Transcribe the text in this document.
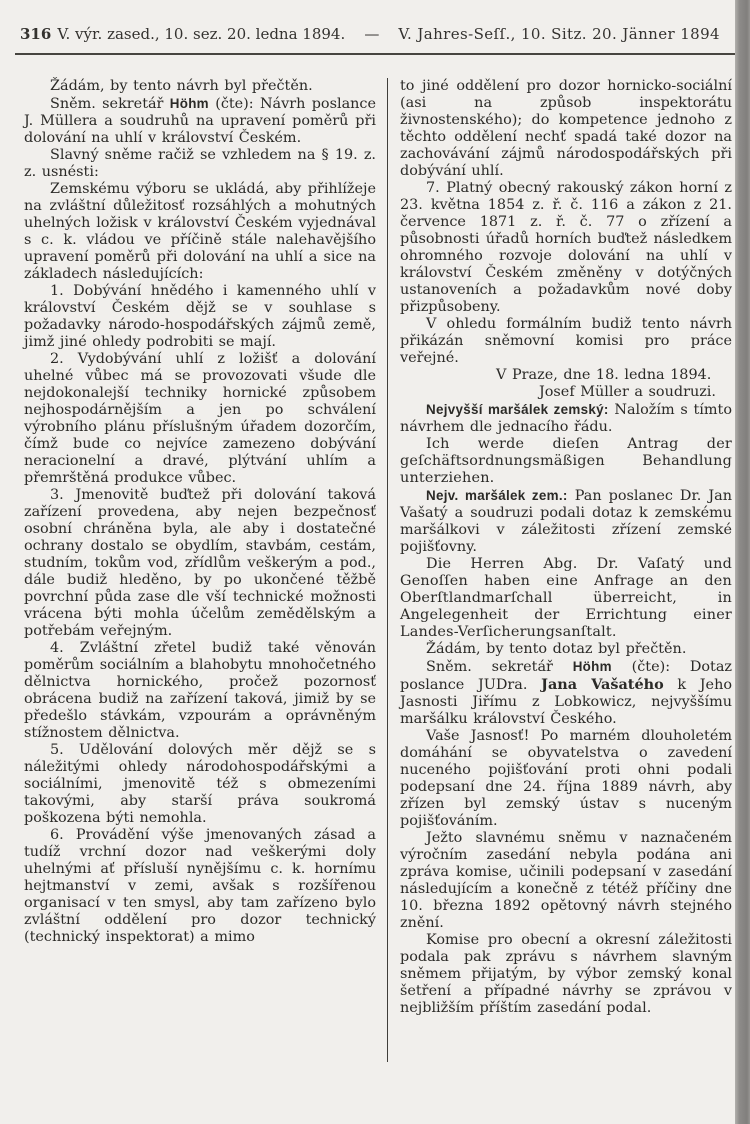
316 V. výr. zased., 10. sez. 20. ledna 1894. — V. Jahres-Seſſ., 10. Sitz. 20. Jänner 1894

Žádám, by tento návrh byl přečtěn.

Sněm. sekretář Höhm (čte): Návrh poslance J. Müllera a soudruhů na upravení poměrů při dolování na uhlí v království Českém.

Slavný sněme račiž se vzhledem na § 19. z. z. usnésti:

Zemskému výboru se ukládá, aby přihlížeje na zvláštní důležitosť rozsáhlých a mohutných uhelných ložisk v království Českém vyjednával s c. k. vládou ve příčině stále nalehavějšího upravení poměrů při dolování na uhlí a sice na základech následujících:

1. Dobývání hnědého i kamenného uhlí v království Českém dějž se v souhlase s požadavky národo-hospodářských zájmů země, jimž jiné ohledy podrobiti se mají.

2. Vydobývání uhlí z ložišť a dolování uhelné vůbec má se provozovati všude dle nejdokonalejší techniky hornické způsobem nejhospodárnějším a jen po schválení výrobního plánu příslušným úřadem dozorčím, čímž bude co nejvíce zamezeno dobývání neracionelní a dravé, plýtvání uhlím a přemrštěná produkce vůbec.

3. Jmenovitě buďtež při dolování taková zařízení provedena, aby nejen bezpečnosť osobní chráněna byla, ale aby i dostatečné ochrany dostalo se obydlím, stavbám, cestám, studním, tokům vod, zřídlům veškerým a pod., dále budiž hleděno, by po ukončené těžbě povrchní půda zase dle vší technické možnosti vrácena býti mohla účelům zemědělským a potřebám veřejným.

4. Zvláštní zřetel budiž také věnován poměrům sociálním a blahobytu mnohočetného dělnictva hornického, pročež pozornosť obrácena budiž na zařízení taková, jimiž by se předešlo stávkám, vzpourám a oprávněným stížnostem dělnictva.

5. Udělování dolových měr dějž se s náležitými ohledy národohospodářskými a sociálními, jmenovitě též s obmezeními takovými, aby starší práva soukromá poškozena býti nemohla.

6. Provádění výše jmenovaných zásad a tudíž vrchní dozor nad veškerými doly uhelnými ať přísluší nynějšímu c. k. hornímu hejtmanství v zemi, avšak s rozšířenou organisací v ten smysl, aby tam zařízeno bylo zvláštní oddělení pro dozor technický (technický inspektorat) a mimo

to jiné oddělení pro dozor hornicko-sociální (asi na způsob inspektorátu živnostenského); do kompetence jednoho z těchto oddělení nechť spadá také dozor na zachovávání zájmů národospodářských při dobývání uhlí.

7. Platný obecný rakouský zákon horní z 23. května 1854 z. ř. č. 116 a zákon z 21. července 1871 z. ř. č. 77 o zřízení a působnosti úřadů horních buďtež následkem ohromného rozvoje dolování na uhlí v království Českém změněny v dotýčných ustanoveních a požadavkům nové doby přizpůsobeny.

V ohledu formálním budiž tento návrh přikázán sněmovní komisi pro práce veřejné.

V Praze, dne 18. ledna 1894.

Josef Müller a soudruzi.

Nejvyšší maršálek zemský: Naložím s tímto návrhem dle jednacího řádu.

Ich werde dieſen Antrag der geſchäftsordnungsmäßigen Behandlung unterziehen.

Nejv. maršálek zem.: Pan poslanec Dr. Jan Vašatý a soudruzi podali dotaz k zemskému maršálkovi v záležitosti zřízení zemské pojišťovny.

Die Herren Abg. Dr. Vaſatý und Genoſſen haben eine Anfrage an den Oberſtlandmarſchall überreicht, in Angelegenheit der Errichtung einer Landes-Verſicherungsanſtalt.

Žádám, by tento dotaz byl přečtěn.

Sněm. sekretář Höhm (čte): Dotaz poslance JUDra. Jana Vašatého k Jeho Jasnosti Jiřímu z Lobkowicz, nejvyššímu maršálku království Českého.

Vaše Jasnosť! Po marném dlouholetém domáhání se obyvatelstva o zavedení nuceného pojišťování proti ohni podali podepsaní dne 24. října 1889 návrh, aby zřízen byl zemský ústav s nuceným pojišťováním.

Ježto slavnému sněmu v naznačeném výročním zasedání nebyla podána ani zpráva komise, učinili podepsaní v zasedání následujícím a konečně z tétéž příčiny dne 10. března 1892 opětovný návrh stejného znění.

Komise pro obecní a okresní záležitosti podala pak zprávu s návrhem slavným sněmem přijatým, by výbor zemský konal šetření a případné návrhy se zprávou v nejbližším příštím zasedání podal.
